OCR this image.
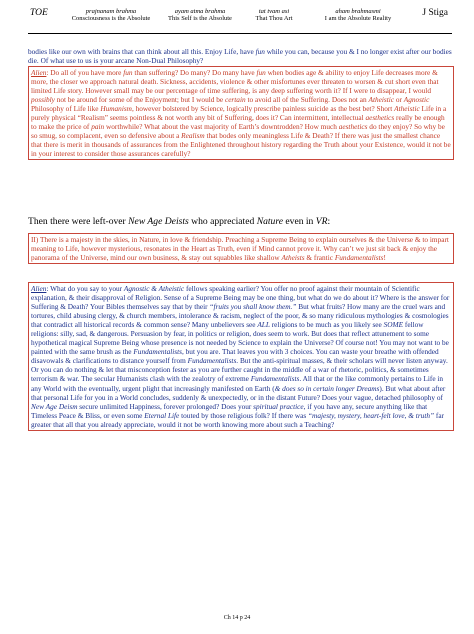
TOE	prajnanam brahma
Consciousness is the Absolute
ayam atma brahma
This Self is the Absolute
tat tvam asi
That Thou Art
aham brahmasmi
I am the Absolute Reality
J Stiga
bodies like our own with brains that can think about all this. Enjoy Life, have fun while you can, because you & I no longer exist after our bodies die. Of what use to us is your arcane Non-Dual Philosophy?
Alien: Do all of you have more fun than suffering? Do many? Do many have fun when bodies age & ability to enjoy Life decreases more & more, the closer we approach natural death. Sickness, accidents, violence & other misfortunes ever threaten to worsen & cut short even that limited Life story. However small may be our percentage of time suffering, is any deep suffering worth it? If I were to disappear, I would possibly not be around for some of the Enjoyment; but I would be certain to avoid all of the Suffering. Does not an Atheistic or Agnostic Philosophy of Life like Humanism, however bolstered by Science, logically prescribe painless suicide as the best bet? Short Atheistic Life in a purely physical “Realism” seems pointless & not worth any bit of Suffering, does it? Can intermittent, intellectual aesthetics really be enough to make the price of pain worthwhile? What about the vast majority of Earth’s downtrodden? How much aesthetics do they enjoy? So why be so smug, so complacent, even so defensive about a Realism that bodes only meaningless Life & Death? If there was just the smallest chance that there is merit in thousands of assurances from the Enlightened throughout history regarding the Truth about your Existence, would it not be in your interest to consider those assurances carefully?
Then there were left-over New Age Deists who appreciated Nature even in VR:
II) There is a majesty in the skies, in Nature, in love & friendship. Preaching a Supreme Being to explain ourselves & the Universe & to impart meaning to Life, however mysterious, resonates in the Heart as Truth, even if Mind cannot prove it. Why can’t we just sit back & enjoy the panorama of the Universe, mind our own business, & stay out squabbles like shallow Atheists & frantic Fundamentalists!
Alien: What do you say to your Agnostic & Atheistic fellows speaking earlier? You offer no proof against their mountain of Scientific explanation, & their disapproval of Religion. Sense of a Supreme Being may be one thing, but what do we do about it? Where is the answer for Suffering & Death? Your Bibles themselves say that by their “fruits you shall know them.” But what fruits? How many are the cruel wars and tortures, child abusing clergy, & church members, intolerance & racism, neglect of the poor, & so many ridiculous mythologies & cosmologies that contradict all historical records & common sense? Many unbelievers see ALL religions to be much as you likely see SOME fellow religions: silly, sad, & dangerous. Persuasion by fear, in politics or religion, does seem to work. But does that reflect attunement to some hypothetical magical Supreme Being whose presence is not needed by Science to explain the Universe? Of course not! You may not want to be painted with the same brush as the Fundamentalists, but you are. That leaves you with 3 choices. You can waste your breathe with offended disavowals & clarifications to distance yourself from Fundamentalists. But the anti-spiritual masses, & their scholars will never listen anyway. Or you can do nothing & let that misconception fester as you are further caught in the middle of a war of rhetoric, politics, & sometimes terrorism & war. The secular Humanists clash with the zealotry of extreme Fundamentalists. All that or the like commonly pertains to Life in any World with the eventually, urgent plight that increasingly manifested on Earth (& does so in certain longer Dreams). But what about after that personal Life for you in a World concludes, suddenly & unexpectedly, or in the distant Future? Does your vague, detached philosophy of New Age Deism secure unlimited Happiness, forever prolonged? Does your spiritual practice, if you have any, secure anything like that Timeless Peace & Bliss, or even some Eternal Life touted by those religious folk? If there was “majesty, mystery, heart-felt love, & truth” far greater that all that you already appreciate, would it not be worth knowing more about such a Teaching?
Ch 14 p 24
